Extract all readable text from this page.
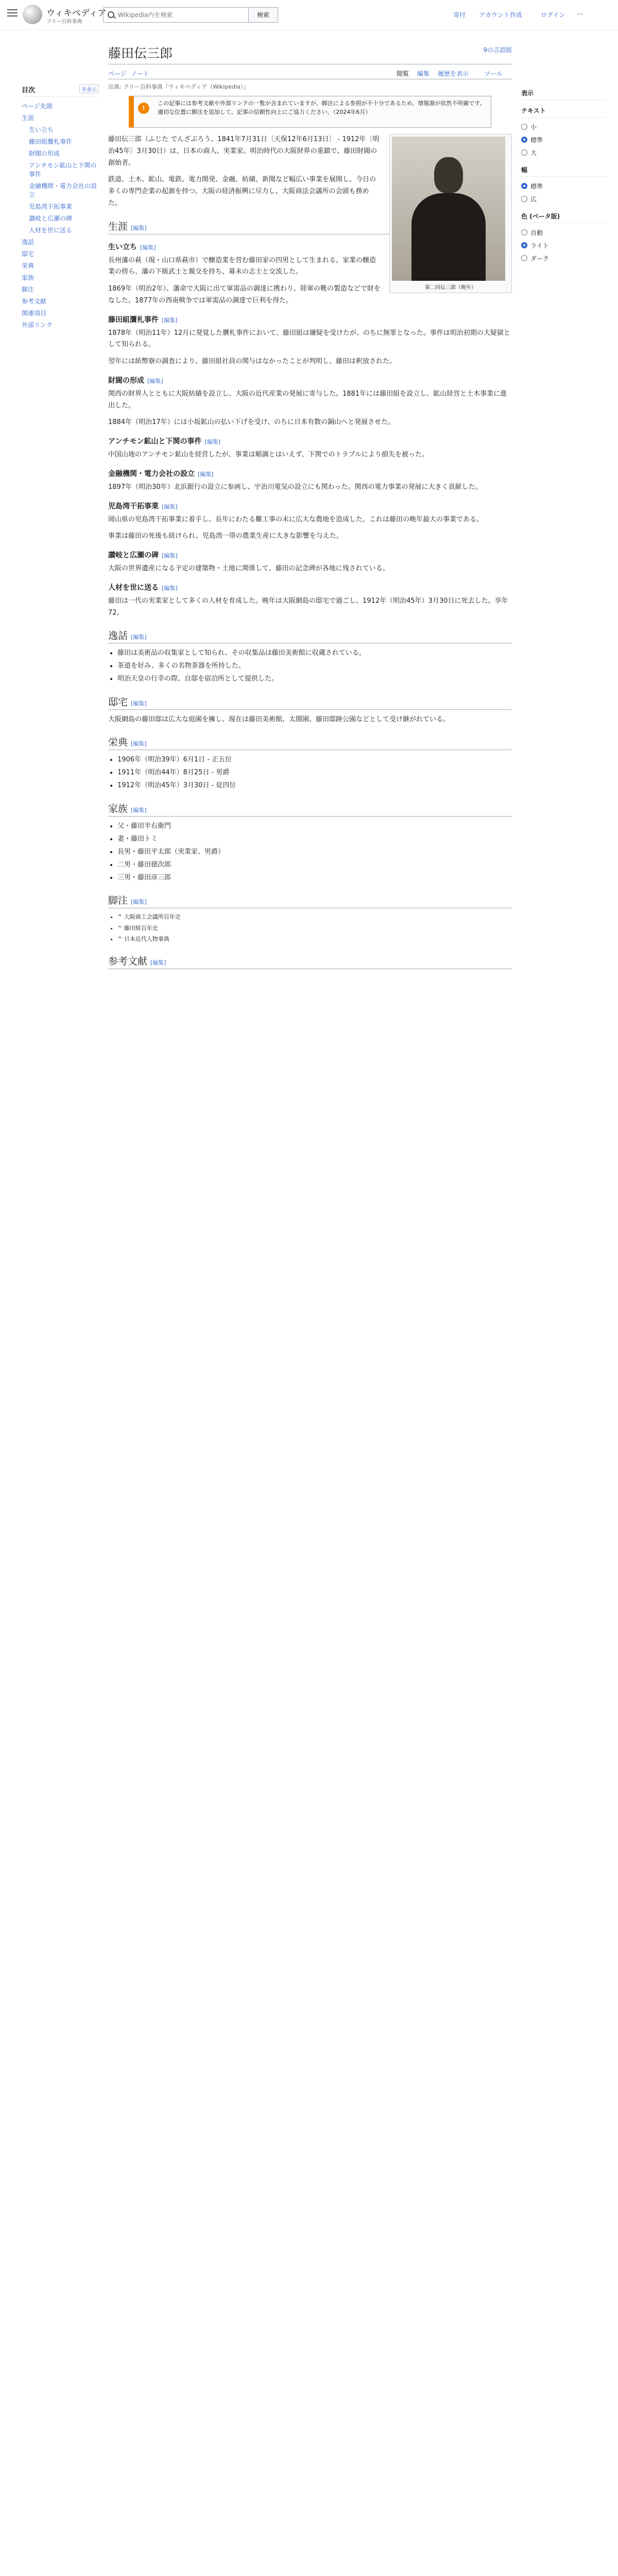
ウィキペディア
フリー百科事典
Wikipedia内を検索
検索	寄付 アカウント作成	ログイン ⋯
目次	非表示
ページ先頭
生涯
生い立ち
藤田組贋札事件
財閥の形成
アンチモン鉱山と下関の事件
金融機関・電力会社の設立
児島湾干拓事業
讃岐と広瀬の碑
人材を世に送る
逸話
邸宅
栄典
家族
脚注
参考文献
関連項目
外部リンク
表示
テキスト
小
標準
大
幅
標準
広
色 (ベータ版)
自動
ライト
ダーク
藤田伝三郎	9の言語版
ページ ノート	閲覧 編集 履歴を表示 ツール
出典: フリー百科事典『ウィキペディア（Wikipedia）』
!
この記事には参考文献や外部リンクの一覧が含まれていますが、脚注による参照が不十分であるため、情報源が依然不明確です。適切な位置に脚注を追加して、記事の信頼性向上にご協力ください。（2024年6月）
第二回伝三郎（晩年）

藤田伝三郎（ふじた でんざぶろう、1841年7月31日〔天保12年6月13日〕 - 1912年〔明治45年〕3月30日）は、日本の商人、実業家。明治時代の大阪財界の重鎮で、藤田財閥の創始者。

鉄道、土木、鉱山、電鉄、電力開発、金融、紡績、新聞など幅広い事業を展開し、今日の多くの専門企業の起源を持つ。大阪の経済振興に尽力し、大阪商法会議所の会頭も務めた。

生涯 [編集]
生い立ち [編集]

長州藩の萩（現・山口県萩市）で醸造業を営む藤田家の四男として生まれる。家業の醸造業の傍ら、藩の下級武士と親交を持ち、幕末の志士と交流した。

1869年（明治2年）、藩命で大阪に出て軍需品の調達に携わり、陸軍の靴の製造などで財をなした。1877年の西南戦争では軍需品の調達で巨利を得た。

藤田組贋札事件 [編集]

1878年（明治11年）12月に発覚した贋札事件において、藤田組は嫌疑を受けたが、のちに無罪となった。事件は明治初期の大疑獄として知られる。

翌年には紙幣寮の調査により、藤田組社員の関与はなかったことが判明し、藤田は釈放された。

財閥の形成 [編集]

関西の財界人とともに大阪紡績を設立し、大阪の近代産業の発展に寄与した。1881年には藤田組を設立し、鉱山経営と土木事業に進出した。

1884年（明治17年）には小坂鉱山の払い下げを受け、のちに日本有数の銅山へと発展させた。

アンチモン鉱山と下関の事件 [編集]

中国山地のアンチモン鉱山を経営したが、事業は順調とはいえず、下関でのトラブルにより損失を被った。

金融機関・電力会社の設立 [編集]

1897年（明治30年）北浜銀行の設立に参画し、宇治川電気の設立にも関わった。関西の電力事業の発展に大きく貢献した。

児島湾干拓事業 [編集]

岡山県の児島湾干拓事業に着手し、長年にわたる難工事の末に広大な農地を造成した。これは藤田の晩年最大の事業である。

事業は藤田の死後も続けられ、児島湾一帯の農業生産に大きな影響を与えた。

讃岐と広瀬の碑 [編集]

大阪の世界遺産になる予定の建築物・土地に関係して、藤田の記念碑が各地に残されている。

人材を世に送る [編集]

藤田は一代の実業家として多くの人材を育成した。晩年は大阪網島の邸宅で過ごし、1912年（明治45年）3月30日に死去した。享年72。

逸話 [編集]
• 藤田は美術品の収集家として知られ、その収集品は藤田美術館に収蔵されている。
• 茶道を好み、多くの名物茶器を所持した。
• 明治天皇の行幸の際、自邸を宿泊所として提供した。
邸宅 [編集]

大阪網島の藤田邸は広大な庭園を擁し、現在は藤田美術館、太閤園、藤田邸跡公園などとして受け継がれている。

栄典 [編集]
• 1906年（明治39年）6月1日 - 正五位
• 1911年（明治44年）8月25日 - 男爵
• 1912年（明治45年）3月30日 - 従四位
家族 [編集]
• 父・藤田半右衛門
• 妻・藤田トミ
• 長男・藤田平太郎（実業家、男爵）
• 二男・藤田徳次郎
• 三男・藤田彦三郎
脚注 [編集]
• ^ 大阪商工会議所百年史
• ^ 藤田組百年史
• ^ 日本近代人物事典
参考文献 [編集]
